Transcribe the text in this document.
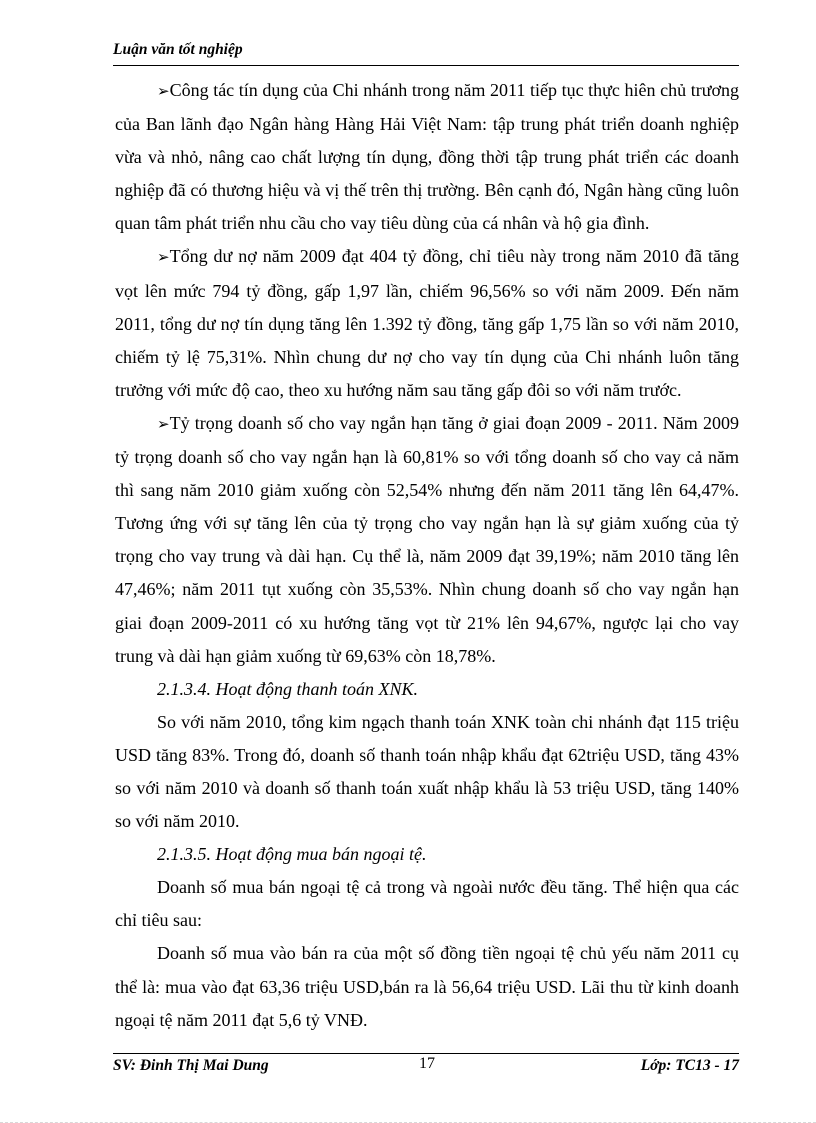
Luận văn tốt nghiệp

➢Công tác tín dụng của Chi nhánh trong năm 2011 tiếp tục thực hiên chủ trương của Ban lãnh đạo Ngân hàng Hàng Hải Việt Nam: tập trung phát triển doanh nghiệp vừa và nhỏ, nâng cao chất lượng tín dụng, đồng thời tập trung phát triển các doanh nghiệp đã có thương hiệu và vị thế trên thị trường. Bên cạnh đó, Ngân hàng cũng luôn quan tâm phát triển nhu cầu cho vay tiêu dùng của cá nhân và hộ gia đình.

➢Tổng dư nợ năm 2009 đạt 404 tỷ đồng, chỉ tiêu này trong năm 2010 đã tăng vọt lên mức 794 tỷ đồng, gấp 1,97 lần, chiếm 96,56% so với năm 2009. Đến năm 2011, tổng dư nợ tín dụng tăng lên 1.392 tỷ đồng, tăng gấp 1,75 lần so với năm 2010, chiếm tỷ lệ 75,31%. Nhìn chung dư nợ cho vay tín dụng của Chi nhánh luôn tăng trưởng với mức độ cao, theo xu hướng năm sau tăng gấp đôi so với năm trước.

➢Tỷ trọng doanh số cho vay ngắn hạn tăng ở giai đoạn 2009 - 2011. Năm 2009 tỷ trọng doanh số cho vay ngắn hạn là 60,81% so với tổng doanh số cho vay cả năm thì sang năm 2010 giảm xuống còn 52,54% nhưng đến năm 2011 tăng lên 64,47%. Tương ứng với sự tăng lên của tỷ trọng cho vay ngắn hạn là sự giảm xuống của tỷ trọng cho vay trung và dài hạn. Cụ thể là, năm 2009 đạt 39,19%; năm 2010 tăng lên 47,46%; năm 2011 tụt xuống còn 35,53%. Nhìn chung doanh số cho vay ngắn hạn giai đoạn 2009-2011 có xu hướng tăng vọt từ 21% lên 94,67%, ngược lại cho vay trung và dài hạn giảm xuống từ 69,63% còn 18,78%.

2.1.3.4. Hoạt động thanh toán XNK.

So với năm 2010, tổng kim ngạch thanh toán XNK toàn chi nhánh đạt 115 triệu USD tăng 83%. Trong đó, doanh số thanh toán nhập khẩu đạt 62triệu USD, tăng 43% so với năm 2010 và doanh số thanh toán xuất nhập khẩu là 53 triệu USD, tăng 140% so với năm 2010.

2.1.3.5. Hoạt động mua bán ngoại tệ.

Doanh số mua bán ngoại tệ cả trong và ngoài nước đều tăng. Thể hiện qua các chỉ tiêu sau:

Doanh số mua vào bán ra của một số đồng tiền ngoại tệ chủ yếu năm 2011 cụ thể là: mua vào đạt 63,36 triệu USD,bán ra là 56,64 triệu USD. Lãi thu từ kinh doanh ngoại tệ năm 2011 đạt 5,6 tỷ VNĐ.

SV: Đinh Thị Mai Dung	17	Lớp: TC13 - 17
